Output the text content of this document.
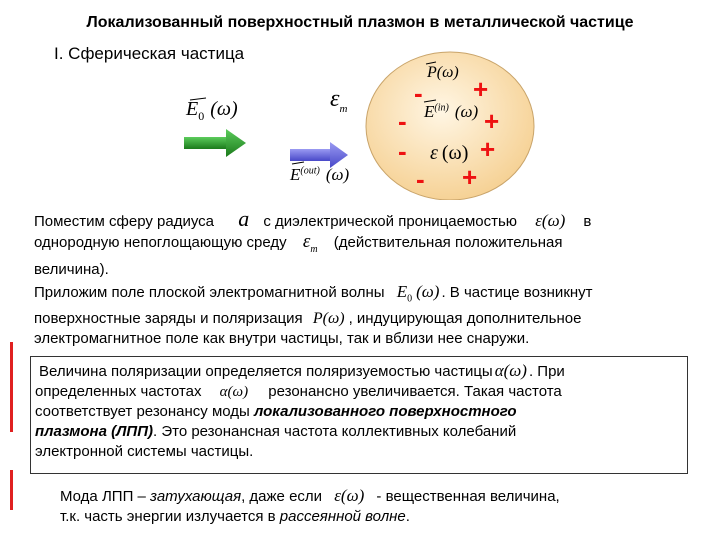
Локализованный поверхностный плазмон в металлической частице
I. Сферическая частица
$\varepsilon_m$
$E_0$ (ω)
$E^{(out)}$ (ω)
P(ω)
$E^{(in)}$ (ω)
ε (ω)
-
-
-
-
+
+
+
+
Поместим сферу радиуса a с диэлектрической проницаемостью ε(ω) в
однородную непоглощающую среду $\varepsilon_m$ (действительная положительная
величина).
Приложим поле плоской электромагнитной волны $E_0$ (ω) . В частице возникнут
поверхностные заряды и поляризация P(ω) , индуцирующая дополнительное
электромагнитное поле как внутри частицы, так и вблизи нее снаружи.
Величина поляризации определяется поляризуемостью частицы α(ω) . При
определенных частотах α(ω) резонансно увеличивается. Такая частота
соответствует резонансу моды локализованного поверхностного
плазмона (ЛПП). Это резонансная частота коллективных колебаний
электронной системы частицы.
Мода ЛПП – затухающая, даже если ε(ω) - вещественная величина,
т.к. часть энергии излучается в рассеянной волне.
